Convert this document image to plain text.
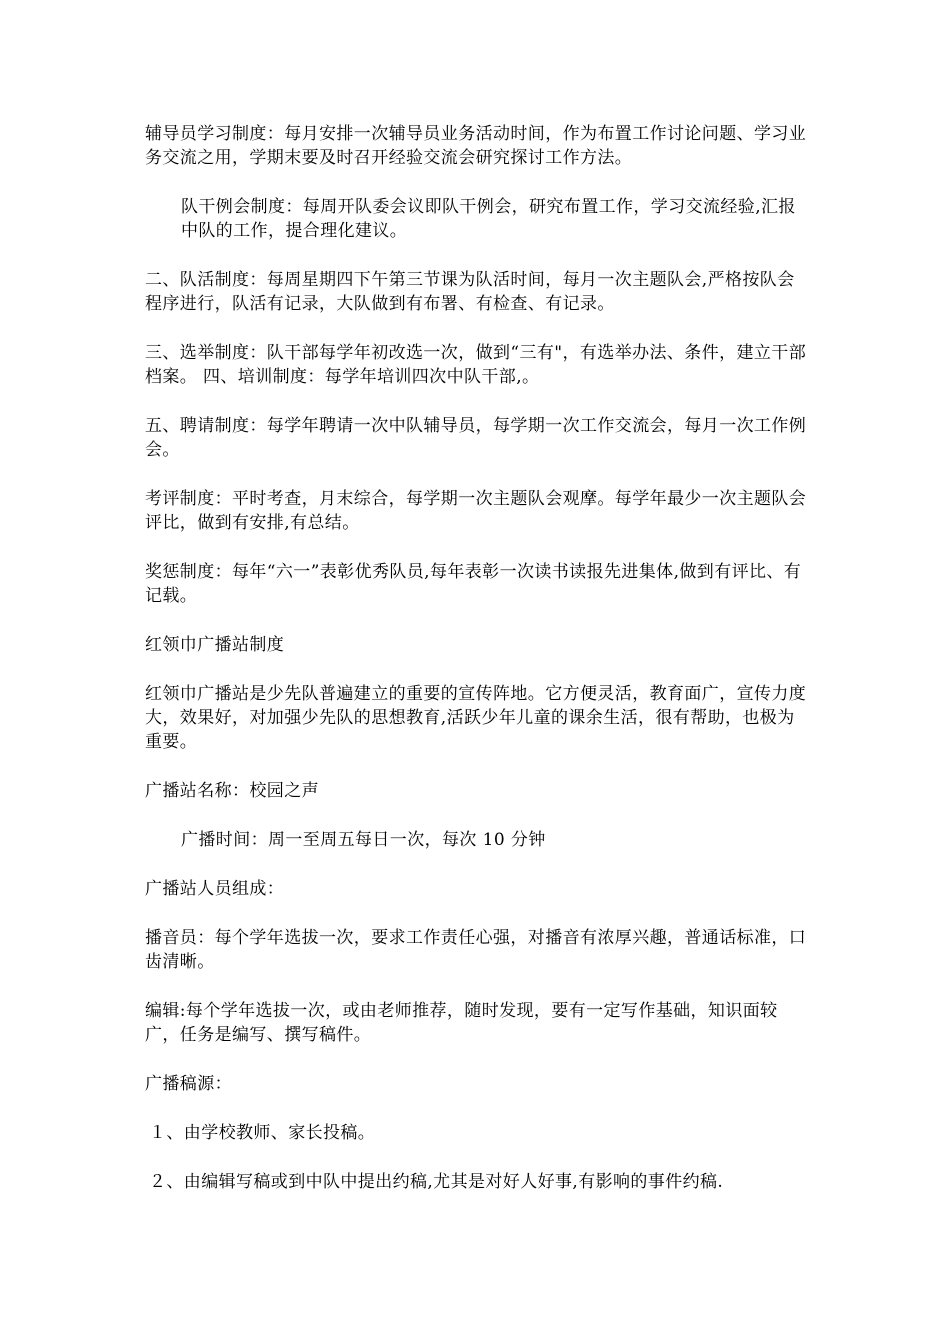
辅导员学习制度：每月安排一次辅导员业务活动时间，作为布置工作讨论问题、学习业务交流之用，学期末要及时召开经验交流会研究探讨工作方法。

队干例会制度：每周开队委会议即队干例会，研究布置工作，学习交流经验,汇报中队的工作，提合理化建议。

二、队活制度：每周星期四下午第三节课为队活时间，每月一次主题队会,严格按队会程序进行，队活有记录，大队做到有布署、有检查、有记录。

三、选举制度：队干部每学年初改选一次，做到“三有"，有选举办法、条件，建立干部档案。 四、培训制度：每学年培训四次中队干部,。

五、聘请制度：每学年聘请一次中队辅导员，每学期一次工作交流会，每月一次工作例会。

考评制度：平时考查，月末综合，每学期一次主题队会观摩。每学年最少一次主题队会评比，做到有安排,有总结。

奖惩制度：每年“六一”表彰优秀队员,每年表彰一次读书读报先进集体,做到有评比、有记载。

红领巾广播站制度

红领巾广播站是少先队普遍建立的重要的宣传阵地。它方便灵活，教育面广，宣传力度大，效果好，对加强少先队的思想教育,活跃少年儿童的课余生活，很有帮助，也极为重要。

广播站名称：校园之声

广播时间：周一至周五每日一次，每次 10 分钟

广播站人员组成：

播音员：每个学年选拔一次，要求工作责任心强，对播音有浓厚兴趣，普通话标准，口齿清晰。

编辑:每个学年选拔一次，或由老师推荐，随时发现，要有一定写作基础，知识面较广，任务是编写、撰写稿件。

广播稿源：

１、由学校教师、家长投稿。

２、由编辑写稿或到中队中提出约稿,尤其是对好人好事,有影响的事件约稿.
